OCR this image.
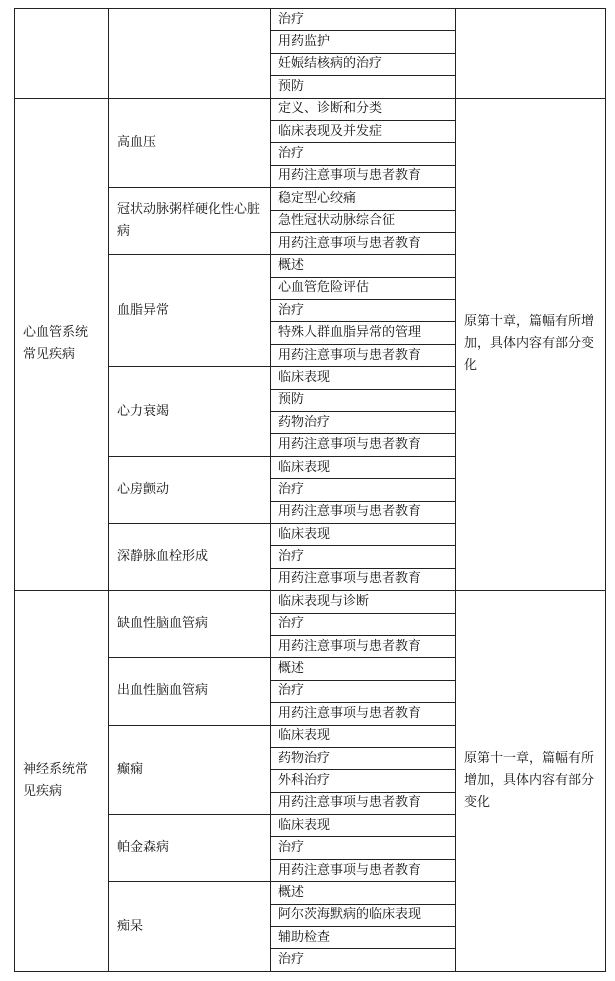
		治疗	
		用药监护	
		妊娠结核病的治疗	
		预防	
心血管系统常见疾病	高血压	定义、诊断和分类	原第十章，篇幅有所增加，具体内容有部分变化
		临床表现及并发症	
		治疗	
		用药注意事项与患者教育	
	冠状动脉粥样硬化性心脏病	稳定型心绞痛	
		急性冠状动脉综合征	
		用药注意事项与患者教育	
	血脂异常	概述	
		心血管危险评估	
		治疗	
		特殊人群血脂异常的管理	
		用药注意事项与患者教育	
	心力衰竭	临床表现	
		预防	
		药物治疗	
		用药注意事项与患者教育	
	心房颤动	临床表现	
		治疗	
		用药注意事项与患者教育	
	深静脉血栓形成	临床表现	
		治疗	
		用药注意事项与患者教育	
神经系统常见疾病	缺血性脑血管病	临床表现与诊断	原第十一章，篇幅有所增加，具体内容有部分变化
		治疗	
		用药注意事项与患者教育	
	出血性脑血管病	概述	
		治疗	
		用药注意事项与患者教育	
	癫痫	临床表现	
		药物治疗	
		外科治疗	
		用药注意事项与患者教育	
	帕金森病	临床表现	
		治疗	
		用药注意事项与患者教育	
	痴呆	概述	
		阿尔茨海默病的临床表现	
		辅助检查	
		治疗	
